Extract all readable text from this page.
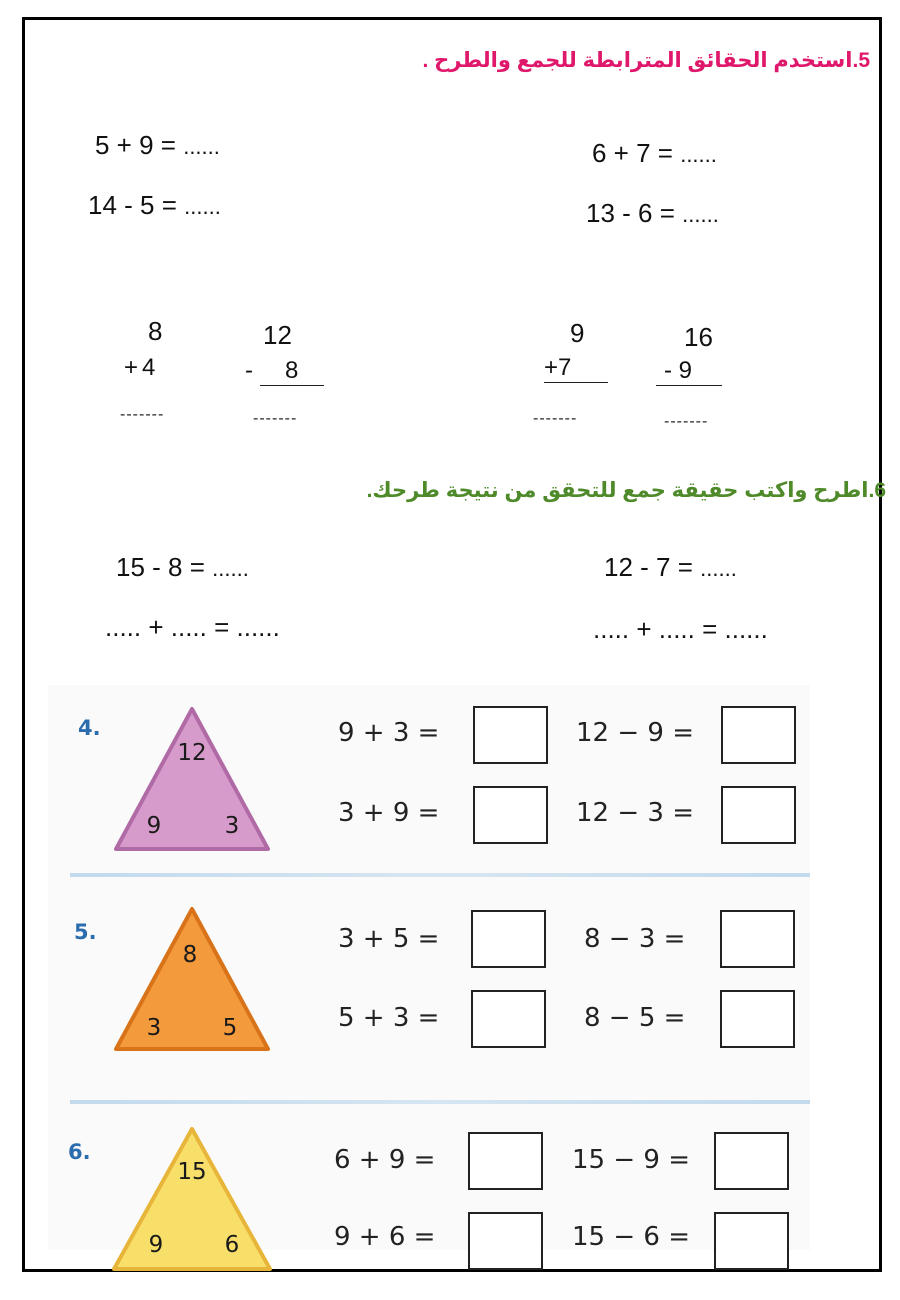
5.استخدم الحقائق المترابطة للجمع والطرح .
5 + 9 = ......
14 - 5 = ......
6 + 7 = ......
13 - 6 = ......
8
+ 4
-------
12
- 8
-------
9
+7
-------
16
- 9
-------
6.اطرح واكتب حقيقة جمع للتحقق من نتيجة طرحك.
15 - 8 = ......
..... + ..... = ......
12 - 7 = ......
..... + ..... = ......
4.
12
9	3
9 + 3 =	12 − 9 =
3 + 9 =	12 − 3 =
5.
8
3	5
3 + 5 =	8 − 3 =
5 + 3 =	8 − 5 =
6.
15
9	6
6 + 9 =	15 − 9 =
9 + 6 =	15 − 6 =
